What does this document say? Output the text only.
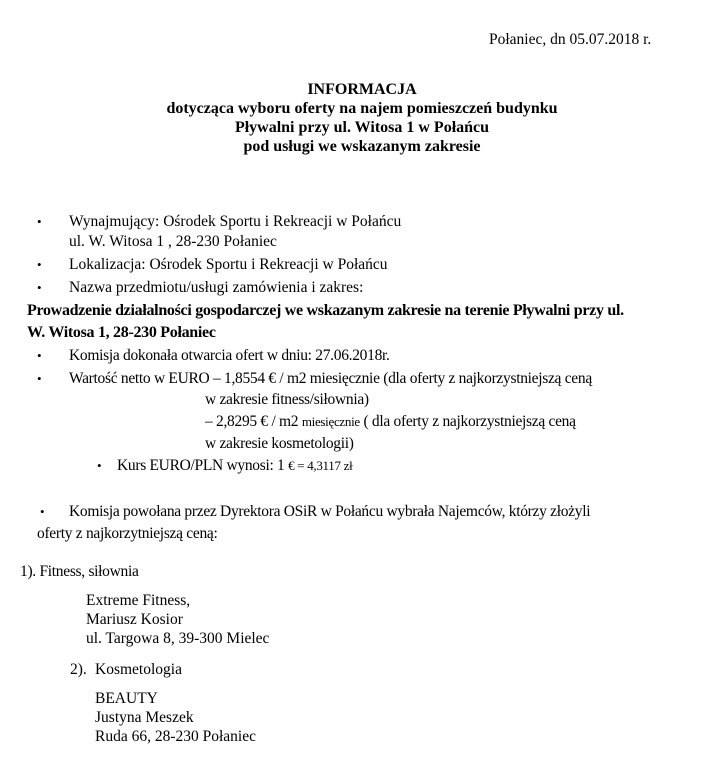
Połaniec, dn 05.07.2018 r.
INFORMACJA
dotycząca wyboru oferty na najem pomieszczeń budynku
Pływalni przy ul. Witosa 1 w Połańcu
pod usługi we wskazanym zakresie
• Wynajmujący: Ośrodek Sportu i Rekreacji w Połańcu
ul. W. Witosa 1 , 28-230 Połaniec
• Lokalizacja: Ośrodek Sportu i Rekreacji w Połańcu
• Nazwa przedmiotu/usługi zamówienia i zakres:
Prowadzenie działalności gospodarczej we wskazanym zakresie na terenie Pływalni przy ul.
W. Witosa 1, 28-230 Połaniec
• Komisja dokonała otwarcia ofert w dniu: 27.06.2018r.
• Wartość netto w EURO – 1,8554 € / m2 miesięcznie (dla oferty z najkorzystniejszą ceną
w zakresie fitness/siłownia)
– 2,8295 € / m2 miesięcznie ( dla oferty z najkorzystniejszą ceną
w zakresie kosmetologii)
• Kurs EURO/PLN wynosi: 1 € = 4,3117 zł
• Komisja powołana przez Dyrektora OSiR w Połańcu wybrała Najemców, którzy złożyli
oferty z najkorzytniejszą ceną:
1). Fitness, siłownia
Extreme Fitness,
Mariusz Kosior
ul. Targowa 8, 39-300 Mielec
2). Kosmetologia
BEAUTY
Justyna Meszek
Ruda 66, 28-230 Połaniec
